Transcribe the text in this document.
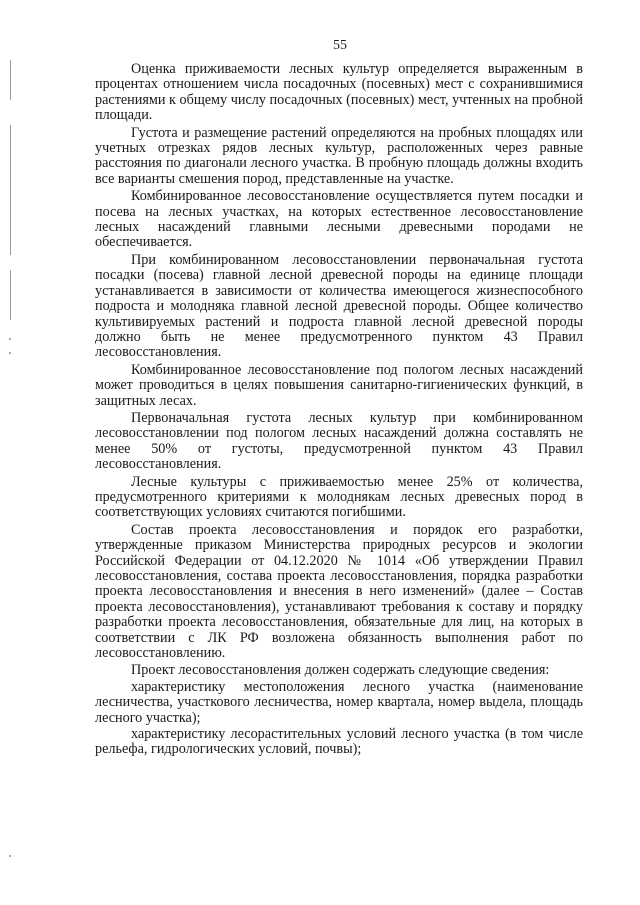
55

Оценка приживаемости лесных культур определяется выраженным в процентах отношением числа посадочных (посевных) мест с сохранившимися растениями к общему числу посадочных (посевных) мест, учтенных на пробной площади.

Густота и размещение растений определяются на пробных площадях или учетных отрезках рядов лесных культур, расположенных через равные расстояния по диагонали лесного участка. В пробную площадь должны входить все варианты смешения пород, представленные на участке.

Комбинированное лесовосстановление осуществляется путем посадки и посева на лесных участках, на которых естественное лесовосстановление лесных насаждений главными лесными древесными породами не обеспечивается.

При комбинированном лесовосстановлении первоначальная густота посадки (посева) главной лесной древесной породы на единице площади устанавливается в зависимости от количества имеющегося жизнеспособного подроста и молодняка главной лесной древесной породы. Общее количество культивируемых растений и подроста главной лесной древесной породы должно быть не менее предусмотренного пунктом 43 Правил лесовосстановления.

Комбинированное лесовосстановление под пологом лесных насаждений может проводиться в целях повышения санитарно-гигиенических функций, в защитных лесах.

Первоначальная густота лесных культур при комбинированном лесовосстановлении под пологом лесных насаждений должна составлять не менее 50% от густоты, предусмотренной пунктом 43 Правил лесовосстановления.

Лесные культуры с приживаемостью менее 25% от количества, предусмотренного критериями к молоднякам лесных древесных пород в соответствующих условиях считаются погибшими.

Состав проекта лесовосстановления и порядок его разработки, утвержденные приказом Министерства природных ресурсов и экологии Российской Федерации от 04.12.2020 № 1014 «Об утверждении Правил лесовосстановления, состава проекта лесовосстановления, порядка разработки проекта лесовосстановления и внесения в него изменений» (далее – Состав проекта лесовосстановления), устанавливают требования к составу и порядку разработки проекта лесовосстановления, обязательные для лиц, на которых в соответствии с ЛК РФ возложена обязанность выполнения работ по лесовосстановлению.

Проект лесовосстановления должен содержать следующие сведения:

характеристику местоположения лесного участка (наименование лесничества, участкового лесничества, номер квартала, номер выдела, площадь лесного участка);

характеристику лесорастительных условий лесного участка (в том числе рельефа, гидрологических условий, почвы);
